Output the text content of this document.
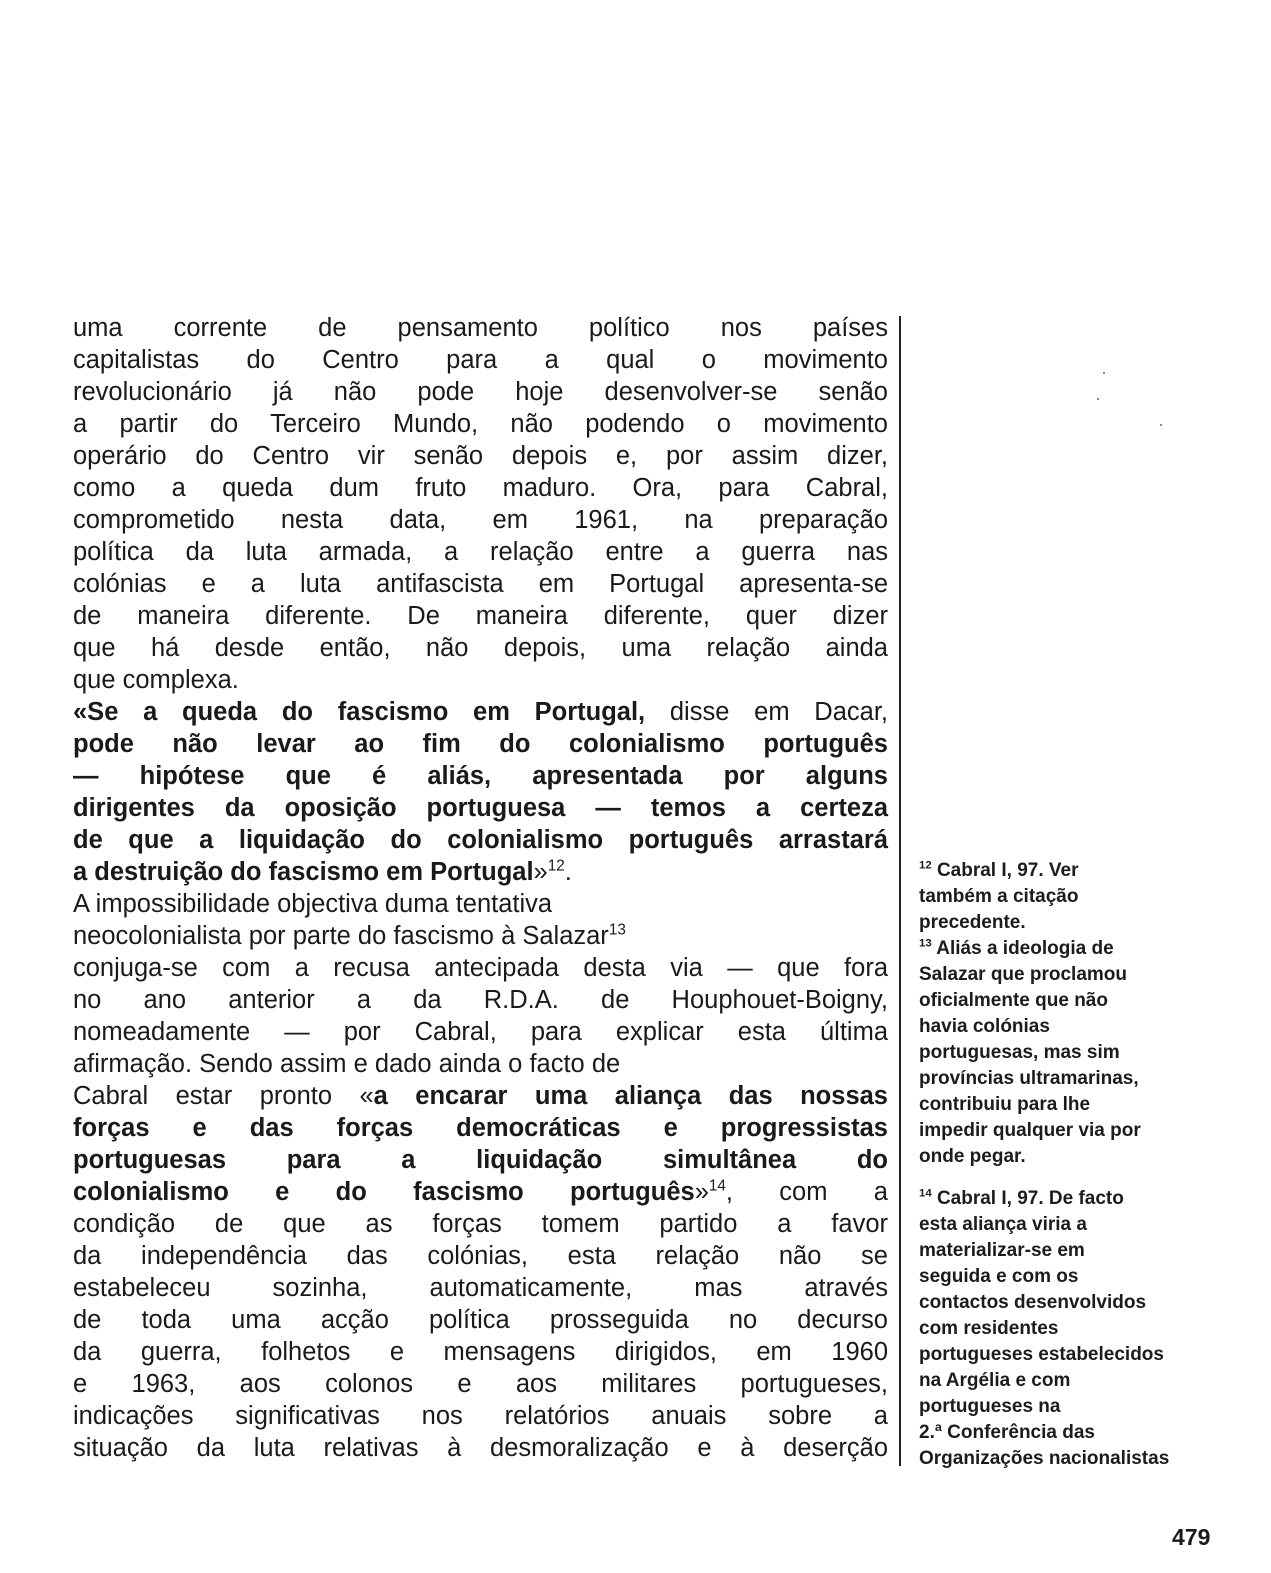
uma corrente de pensamento político nos países
capitalistas do Centro para a qual o movimento
revolucionário já não pode hoje desenvolver-se senão
a partir do Terceiro Mundo, não podendo o movimento
operário do Centro vir senão depois e, por assim dizer,
como a queda dum fruto maduro. Ora, para Cabral,
comprometido nesta data, em 1961, na preparação
política da luta armada, a relação entre a guerra nas
colónias e a luta antifascista em Portugal apresenta-se
de maneira diferente. De maneira diferente, quer dizer
que há desde então, não depois, uma relação ainda
que complexa.
«Se a queda do fascismo em Portugal, disse em Dacar,
pode não levar ao fim do colonialismo português
— hipótese que é aliás, apresentada por alguns
dirigentes da oposição portuguesa — temos a certeza
de que a liquidação do colonialismo português arrastará
a destruição do fascismo em Portugal»$^{12}$.
A impossibilidade objectiva duma tentativa
neocolonialista por parte do fascismo à Salazar$^{13}$
conjuga-se com a recusa antecipada desta via — que fora
no ano anterior a da R.D.A. de Houphouet-Boigny,
nomeadamente — por Cabral, para explicar esta última
afirmação. Sendo assim e dado ainda o facto de
Cabral estar pronto «a encarar uma aliança das nossas
forças e das forças democráticas e progressistas
portuguesas para a liquidação simultânea do
colonialismo e do fascismo português»$^{14}$, com a
condição de que as forças tomem partido a favor
da independência das colónias, esta relação não se
estabeleceu sozinha, automaticamente, mas através
de toda uma acção política prosseguida no decurso
da guerra, folhetos e mensagens dirigidos, em 1960
e 1963, aos colonos e aos militares portugueses,
indicações significativas nos relatórios anuais sobre a
situação da luta relativas à desmoralização e à deserção
$^{12}$ Cabral I, 97. Ver
também a citação
precedente.
$^{13}$ Aliás a ideologia de
Salazar que proclamou
oficialmente que não
havia colónias
portuguesas, mas sim
províncias ultramarinas,
contribuiu para lhe
impedir qualquer via por
onde pegar.
$^{14}$ Cabral I, 97. De facto
esta aliança viria a
materializar-se em
seguida e com os
contactos desenvolvidos
com residentes
portugueses estabelecidos
na Argélia e com
portugueses na
2.ª Conferência das
Organizações nacionalistas
479
